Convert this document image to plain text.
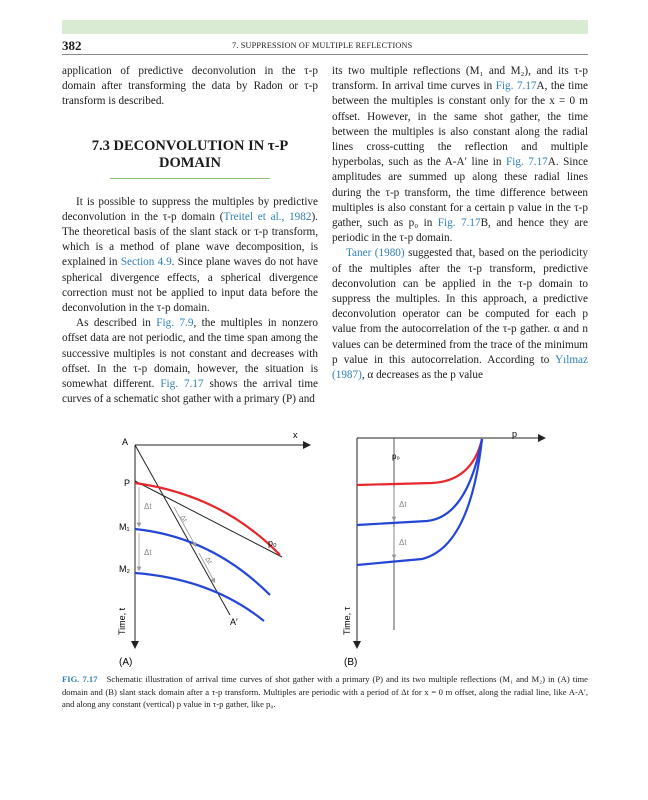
382	7. SUPPRESSION OF MULTIPLE REFLECTIONS

application of predictive deconvolution in the τ-p domain after transforming the data by Radon or τ-p transform is described.

7.3 DECONVOLUTION IN τ-P
DOMAIN

It is possible to suppress the multiples by predictive deconvolution in the τ-p domain (Treitel et al., 1982). The theoretical basis of the slant stack or τ-p transform, which is a method of plane wave decomposition, is explained in Section 4.9. Since plane waves do not have spherical divergence effects, a spherical divergence correction must not be applied to input data before the deconvolution in the τ-p domain.

As described in Fig. 7.9, the multiples in nonzero offset data are not periodic, and the time span among the successive multiples is not constant and decreases with offset. In the τ-p domain, however, the situation is somewhat different. Fig. 7.17 shows the arrival time curves of a schematic shot gather with a primary (P) and

its two multiple reflections (M₁ and M₂), and its τ-p transform. In arrival time curves in Fig. 7.17A, the time between the multiples is constant only for the x = 0 m offset. However, in the same shot gather, the time between the multiples is also constant along the radial lines cross-cutting the reflection and multiple hyperbolas, such as the A-A′ line in Fig. 7.17A. Since amplitudes are summed up along these radial lines during the τ-p transform, the time difference between multiples is also constant for a certain p value in the τ-p gather, such as p₀ in Fig. 7.17B, and hence they are periodic in the τ-p domain.

Taner (1980) suggested that, based on the periodicity of the multiples after the τ-p transform, predictive deconvolution can be applied in the τ-p domain to suppress the multiples. In this approach, a predictive deconvolution operator can be computed for each p value from the autocorrelation of the τ-p gather. α and n values can be determined from the trace of the minimum p value in this autocorrelation. According to Yılmaz (1987), α decreases as the p value

A
x
Time, t
Δt
Δt
Δt
Δt
P
M₁
M₂
p₀
A′
(A)
p
Time, τ
p₀
Δt
Δt
(B)
FIG. 7.17 Schematic illustration of arrival time curves of shot gather with a primary (P) and its two multiple reflections (M₁ and M₂) in (A) time domain and (B) slant stack domain after a τ-p transform. Multiples are periodic with a period of Δt for x = 0 m offset, along the radial line, like A-A′, and along any constant (vertical) p value in τ-p gather, like p₀.
